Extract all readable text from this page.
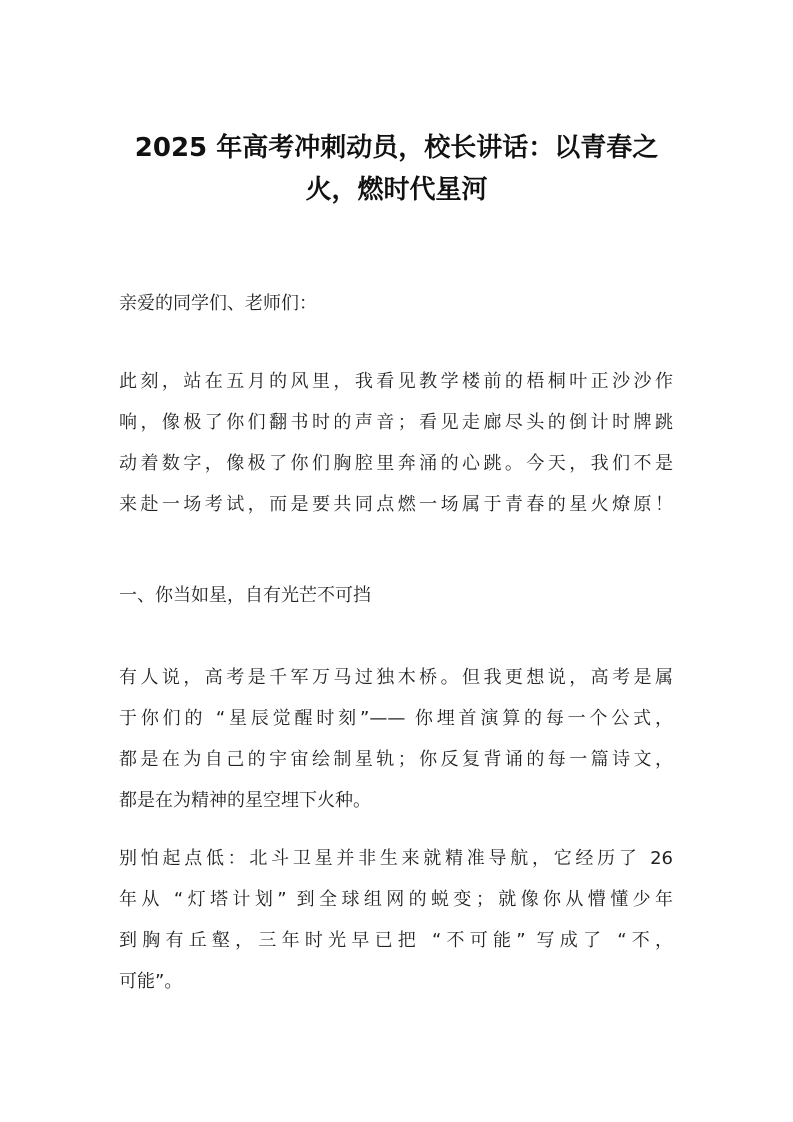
2025 年高考冲刺动员，校长讲话：以青春之
火，燃时代星河
亲爱的同学们、老师们：
此刻，站在五月的风里，我看见教学楼前的梧桐叶正沙沙作
响，像极了你们翻书时的声音；看见走廊尽头的倒计时牌跳
动着数字，像极了你们胸腔里奔涌的心跳。今天，我们不是
来赴一场考试，而是要共同点燃一场属于青春的星火燎原！
一、你当如星，自有光芒不可挡
有人说，高考是千军万马过独木桥。但我更想说，高考是属
于你们的 “星辰觉醒时刻”—— 你埋首演算的每一个公式，
都是在为自己的宇宙绘制星轨；你反复背诵的每一篇诗文，
都是在为精神的星空埋下火种。
别怕起点低：北斗卫星并非生来就精准导航，它经历了 26
年从 “灯塔计划” 到全球组网的蜕变；就像你从懵懂少年
到胸有丘壑，三年时光早已把 “不可能” 写成了 “不，
可能”。
